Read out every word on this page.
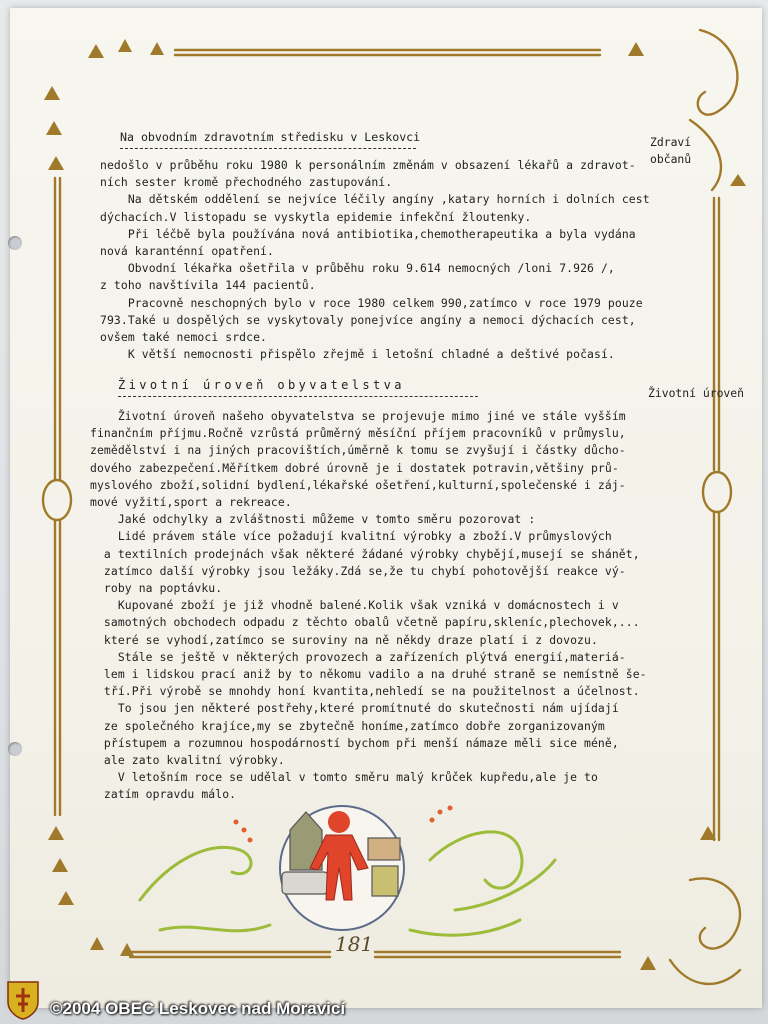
Na obvodním zdravotním středisku v Leskovci	Zdraví
občanů
nedošlo v průběhu roku 1980 k personálním změnám v obsazení lékařů a zdravot-
ních sester kromě přechodného zastupování.
Na dětském oddělení se nejvíce léčily angíny ,katary horních i dolních cest
dýchacích.V listopadu se vyskytla epidemie infekční žloutenky.
Při léčbě byla používána nová antibiotika,chemotherapeutika a byla vydána
nová karanténní opatření.
Obvodní lékařka ošetřila v průběhu roku 9.614 nemocných /loni 7.926 /,
z toho navštívila 144 pacientů.
Pracovně neschopných bylo v roce 1980 celkem 990,zatímco v roce 1979 pouze
793.Také u dospělých se vyskytovaly ponejvíce angíny a nemoci dýchacích cest,
ovšem také nemoci srdce.
K větší nemocnosti přispělo zřejmě i letošní chladné a deštivé počasí.
Životní úroveň obyvatelstva
Životní úroveň
Životní úroveň našeho obyvatelstva se projevuje mimo jiné ve stále vyšším
finančním příjmu.Ročně vzrůstá průměrný měsíční příjem pracovníků v průmyslu,
zemědělství i na jiných pracovištích,úměrně k tomu se zvyšují i částky důcho-
dového zabezpečení.Měřítkem dobré úrovně je i dostatek potravin,většiny prů-
myslového zboží,solidní bydlení,lékařské ošetření,kulturní,společenské i záj-
mové vyžití,sport a rekreace.
Jaké odchylky a zvláštnosti můžeme v tomto směru pozorovat :
Lidé právem stále více požadují kvalitní výrobky a zboží.V průmyslových
a textilních prodejnách však některé žádané výrobky chybějí,musejí se shánět,
zatímco další výrobky jsou ležáky.Zdá se,že tu chybí pohotovější reakce vý-
roby na poptávku.
Kupované zboží je již vhodně balené.Kolik však vzniká v domácnostech i v
samotných obchodech odpadu z těchto obalů včetně papíru,skleníc,plechovek,...
které se vyhodí,zatímco se suroviny na ně někdy draze platí i z dovozu.
Stále se ještě v některých provozech a zařízeních plýtvá energií,materiá-
lem i lidskou prací aniž by to někomu vadilo a na druhé straně se nemístně še-
tří.Při výrobě se mnohdy honí kvantita,nehledí se na použitelnost a účelnost.
To jsou jen některé postřehy,které promítnuté do skutečnosti nám ujídají
ze společného krajíce,my se zbytečně honíme,zatímco dobře zorganizovaným
přístupem a rozumnou hospodárností bychom při menší námaze měli sice méně,
ale zato kvalitní výrobky.
V letošním roce se udělal v tomto směru malý krůček kupředu,ale je to
zatím opravdu málo.
181
©2004 OBEC Leskovec nad Moravicí
